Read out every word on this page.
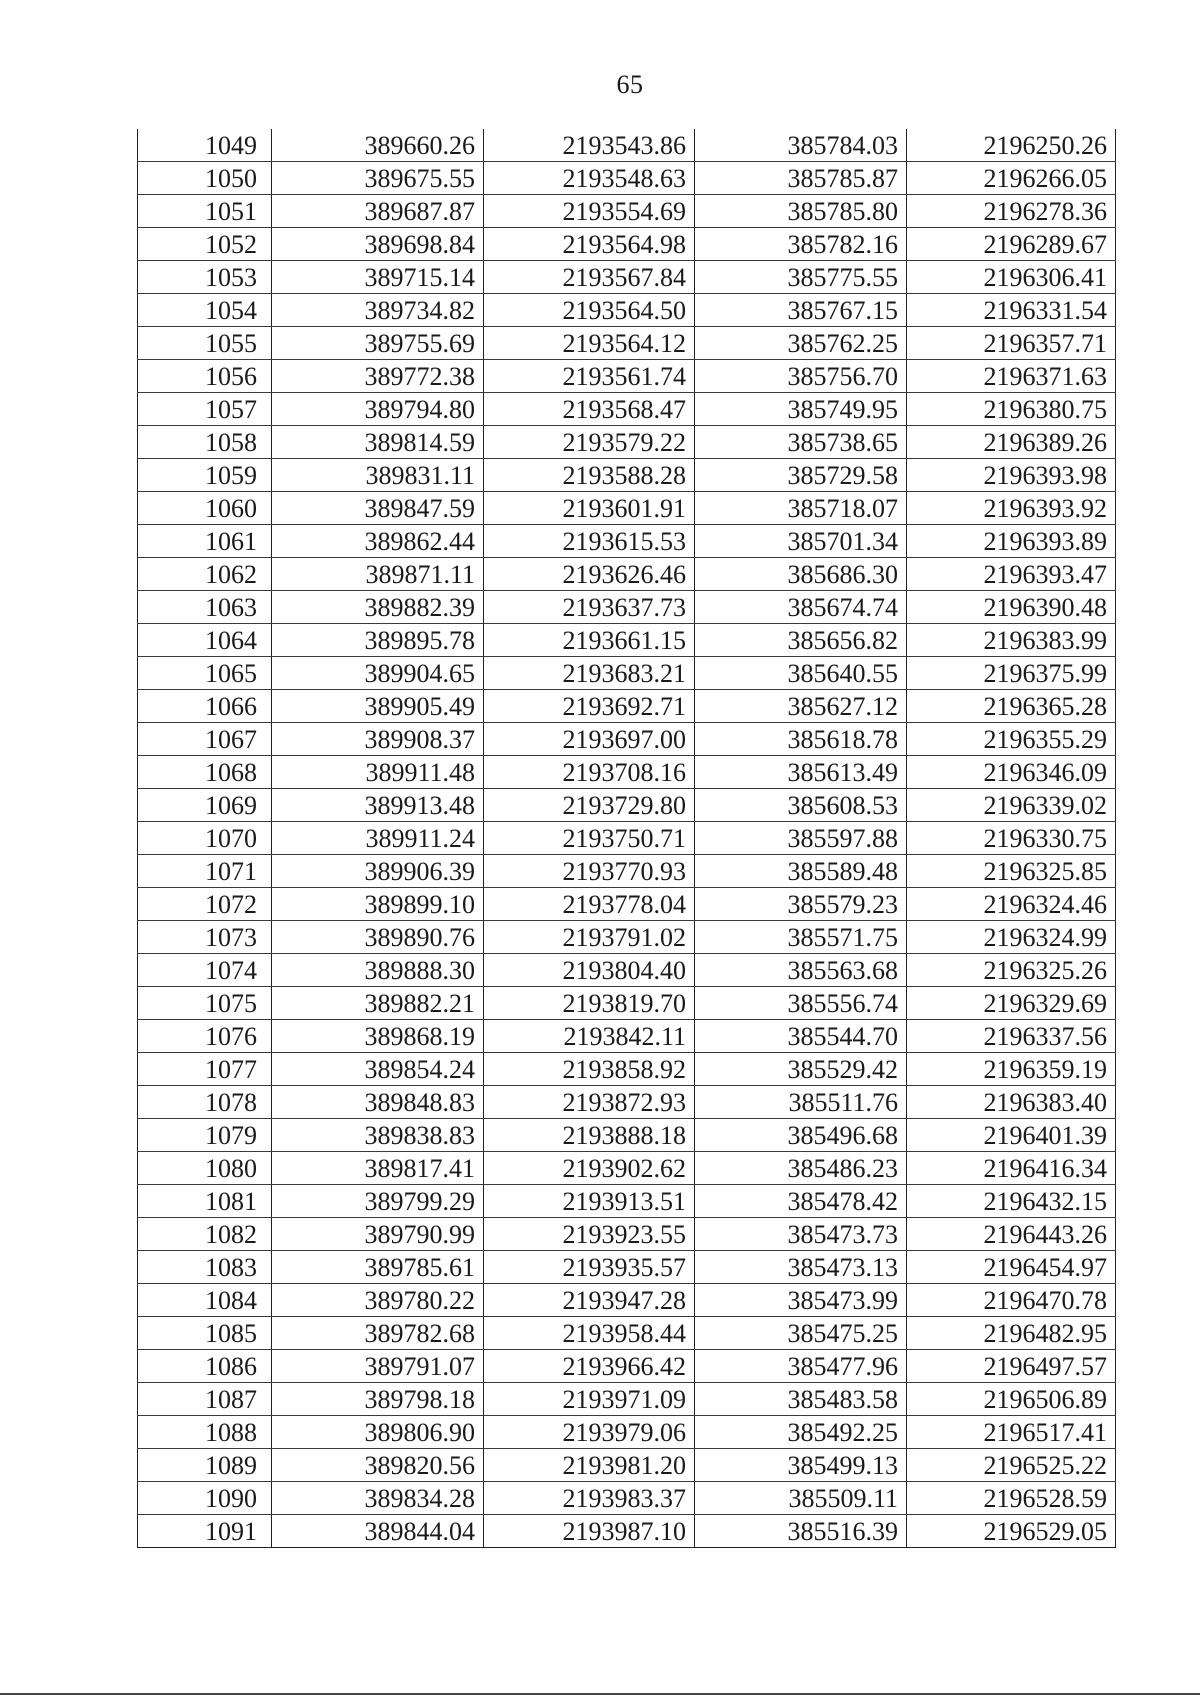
65
1049	389660.26	2193543.86	385784.03	2196250.26
1050	389675.55	2193548.63	385785.87	2196266.05
1051	389687.87	2193554.69	385785.80	2196278.36
1052	389698.84	2193564.98	385782.16	2196289.67
1053	389715.14	2193567.84	385775.55	2196306.41
1054	389734.82	2193564.50	385767.15	2196331.54
1055	389755.69	2193564.12	385762.25	2196357.71
1056	389772.38	2193561.74	385756.70	2196371.63
1057	389794.80	2193568.47	385749.95	2196380.75
1058	389814.59	2193579.22	385738.65	2196389.26
1059	389831.11	2193588.28	385729.58	2196393.98
1060	389847.59	2193601.91	385718.07	2196393.92
1061	389862.44	2193615.53	385701.34	2196393.89
1062	389871.11	2193626.46	385686.30	2196393.47
1063	389882.39	2193637.73	385674.74	2196390.48
1064	389895.78	2193661.15	385656.82	2196383.99
1065	389904.65	2193683.21	385640.55	2196375.99
1066	389905.49	2193692.71	385627.12	2196365.28
1067	389908.37	2193697.00	385618.78	2196355.29
1068	389911.48	2193708.16	385613.49	2196346.09
1069	389913.48	2193729.80	385608.53	2196339.02
1070	389911.24	2193750.71	385597.88	2196330.75
1071	389906.39	2193770.93	385589.48	2196325.85
1072	389899.10	2193778.04	385579.23	2196324.46
1073	389890.76	2193791.02	385571.75	2196324.99
1074	389888.30	2193804.40	385563.68	2196325.26
1075	389882.21	2193819.70	385556.74	2196329.69
1076	389868.19	2193842.11	385544.70	2196337.56
1077	389854.24	2193858.92	385529.42	2196359.19
1078	389848.83	2193872.93	385511.76	2196383.40
1079	389838.83	2193888.18	385496.68	2196401.39
1080	389817.41	2193902.62	385486.23	2196416.34
1081	389799.29	2193913.51	385478.42	2196432.15
1082	389790.99	2193923.55	385473.73	2196443.26
1083	389785.61	2193935.57	385473.13	2196454.97
1084	389780.22	2193947.28	385473.99	2196470.78
1085	389782.68	2193958.44	385475.25	2196482.95
1086	389791.07	2193966.42	385477.96	2196497.57
1087	389798.18	2193971.09	385483.58	2196506.89
1088	389806.90	2193979.06	385492.25	2196517.41
1089	389820.56	2193981.20	385499.13	2196525.22
1090	389834.28	2193983.37	385509.11	2196528.59
1091	389844.04	2193987.10	385516.39	2196529.05
